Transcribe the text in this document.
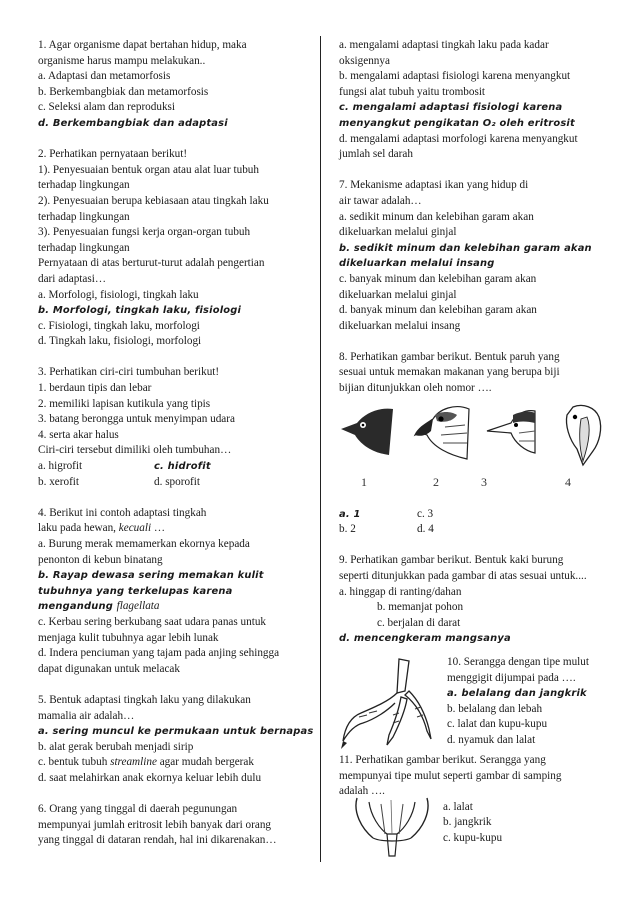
1. Agar organisme dapat bertahan hidup, maka
organisme harus mampu melakukan..
a. Adaptasi dan metamorfosis
b. Berkembangbiak dan metamorfosis
c. Seleksi alam dan reproduksi
d. Berkembangbiak dan adaptasi
2. Perhatikan pernyataan berikut!
1). Penyesuaian bentuk organ atau alat luar tubuh
terhadap lingkungan
2). Penyesuaian berupa kebiasaan atau tingkah laku
terhadap lingkungan
3). Penyesuaian fungsi kerja organ-organ tubuh
terhadap lingkungan
Pernyataan di atas berturut-turut adalah pengertian
dari adaptasi…
a. Morfologi, fisiologi, tingkah laku
b. Morfologi, tingkah laku, fisiologi
c. Fisiologi, tingkah laku, morfologi
d. Tingkah laku, fisiologi, morfologi
3. Perhatikan ciri-ciri tumbuhan berikut!
1. berdaun tipis dan lebar
2. memiliki lapisan kutikula yang tipis
3. batang berongga untuk menyimpan udara
4. serta akar halus
Ciri-ciri tersebut dimiliki oleh tumbuhan…
a. higrofit	c. hidrofit
b. xerofit	d. sporofit
4. Berikut ini contoh adaptasi tingkah
laku pada hewan, kecuali …
a. Burung merak memamerkan ekornya kepada
penonton di kebun binatang
b. Rayap dewasa sering memakan kulit
tubuhnya yang terkelupas karena
mengandung flagellata
c. Kerbau sering berkubang saat udara panas untuk
menjaga kulit tubuhnya agar lebih lunak
d. Indera penciuman yang tajam pada anjing sehingga
dapat digunakan untuk melacak
5. Bentuk adaptasi tingkah laku yang dilakukan
mamalia air adalah…
a. sering muncul ke permukaan untuk bernapas
b. alat gerak berubah menjadi sirip
c. bentuk tubuh streamline agar mudah bergerak
d. saat melahirkan anak ekornya keluar lebih dulu
6. Orang yang tinggal di daerah pegunungan
mempunyai jumlah eritrosit lebih banyak dari orang
yang tinggal di dataran rendah, hal ini dikarenakan…
a. mengalami adaptasi tingkah laku pada kadar
oksigennya
b. mengalami adaptasi fisiologi karena menyangkut
fungsi alat tubuh yaitu trombosit
c. mengalami adaptasi fisiologi karena
menyangkut pengikatan O₂ oleh eritrosit
d. mengalami adaptasi morfologi karena menyangkut
jumlah sel darah
7. Mekanisme adaptasi ikan yang hidup di
air tawar adalah…
a. sedikit minum dan kelebihan garam akan
dikeluarkan melalui ginjal
b. sedikit minum dan kelebihan garam akan
dikeluarkan melalui insang
c. banyak minum dan kelebihan garam akan
dikeluarkan melalui ginjal
d. banyak minum dan kelebihan garam akan
dikeluarkan melalui insang
8. Perhatikan gambar berikut. Bentuk paruh yang
sesuai untuk memakan makanan yang berupa biji
bijian ditunjukkan oleh nomor ….
1	2	3	4
a. 1	c. 3
b. 2	d. 4
9. Perhatikan gambar berikut. Bentuk kaki burung
seperti ditunjukkan pada gambar di atas sesuai untuk....
a. hinggap di ranting/dahan
b. memanjat pohon
c. berjalan di darat
d. mencengkeram mangsanya
10. Serangga dengan tipe mulut
menggigit dijumpai pada ….
a. belalang dan jangkrik
b. belalang dan lebah
c. lalat dan kupu-kupu
d. nyamuk dan lalat
11. Perhatikan gambar berikut. Serangga yang
mempunyai tipe mulut seperti gambar di samping
adalah ….
a. lalat
b. jangkrik
c. kupu-kupu
